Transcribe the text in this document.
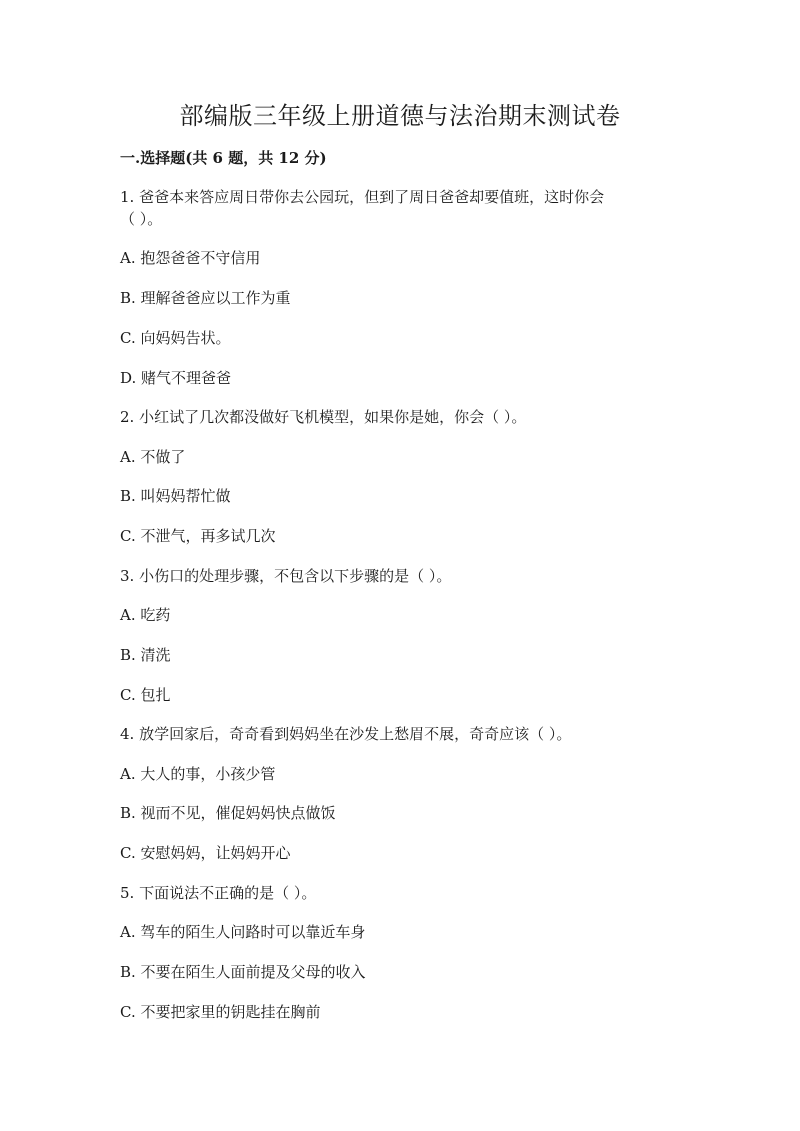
部编版三年级上册道德与法治期末测试卷
一.选择题(共 6 题，共 12 分)
1. 爸爸本来答应周日带你去公园玩，但到了周日爸爸却要值班，这时你会
（ ）。
A. 抱怨爸爸不守信用
B. 理解爸爸应以工作为重
C. 向妈妈告状。
D. 赌气不理爸爸
2. 小红试了几次都没做好飞机模型，如果你是她，你会（ ）。
A. 不做了
B. 叫妈妈帮忙做
C. 不泄气，再多试几次
3. 小伤口的处理步骤，不包含以下步骤的是（ ）。
A. 吃药
B. 清洗
C. 包扎
4. 放学回家后，奇奇看到妈妈坐在沙发上愁眉不展，奇奇应该（ ）。
A. 大人的事，小孩少管
B. 视而不见，催促妈妈快点做饭
C. 安慰妈妈，让妈妈开心
5. 下面说法不正确的是（ ）。
A. 驾车的陌生人问路时可以靠近车身
B. 不要在陌生人面前提及父母的收入
C. 不要把家里的钥匙挂在胸前
